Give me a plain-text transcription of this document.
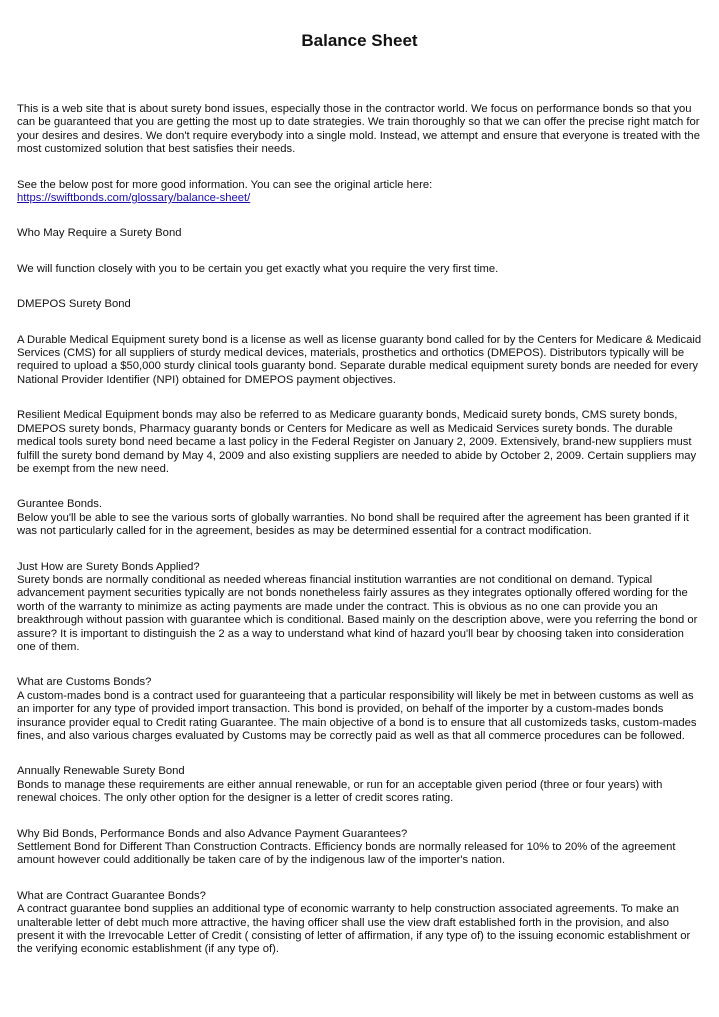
Balance Sheet

This is a web site that is about surety bond issues, especially those in the contractor world. We focus on performance bonds so that you can be guaranteed that you are getting the most up to date strategies. We train thoroughly so that we can offer the precise right match for your desires and desires. We don't require everybody into a single mold. Instead, we attempt and ensure that everyone is treated with the most customized solution that best satisfies their needs.

See the below post for more good information. You can see the original article here:

https://swiftbonds.com/glossary/balance-sheet/

Who May Require a Surety Bond

We will function closely with you to be certain you get exactly what you require the very first time.

DMEPOS Surety Bond

A Durable Medical Equipment surety bond is a license as well as license guaranty bond called for by the Centers for Medicare & Medicaid Services (CMS) for all suppliers of sturdy medical devices, materials, prosthetics and orthotics (DMEPOS). Distributors typically will be required to upload a $50,000 sturdy clinical tools guaranty bond. Separate durable medical equipment surety bonds are needed for every National Provider Identifier (NPI) obtained for DMEPOS payment objectives.

Resilient Medical Equipment bonds may also be referred to as Medicare guaranty bonds, Medicaid surety bonds, CMS surety bonds, DMEPOS surety bonds, Pharmacy guaranty bonds or Centers for Medicare as well as Medicaid Services surety bonds. The durable medical tools surety bond need became a last policy in the Federal Register on January 2, 2009. Extensively, brand-new suppliers must fulfill the surety bond demand by May 4, 2009 and also existing suppliers are needed to abide by October 2, 2009. Certain suppliers may be exempt from the new need.

Gurantee Bonds.

Below you'll be able to see the various sorts of globally warranties. No bond shall be required after the agreement has been granted if it was not particularly called for in the agreement, besides as may be determined essential for a contract modification.

Just How are Surety Bonds Applied?

Surety bonds are normally conditional as needed whereas financial institution warranties are not conditional on demand. Typical advancement payment securities typically are not bonds nonetheless fairly assures as they integrates optionally offered wording for the worth of the warranty to minimize as acting payments are made under the contract. This is obvious as no one can provide you an breakthrough without passion with guarantee which is conditional. Based mainly on the description above, were you referring the bond or assure? It is important to distinguish the 2 as a way to understand what kind of hazard you'll bear by choosing taken into consideration one of them.

What are Customs Bonds?

A custom-mades bond is a contract used for guaranteeing that a particular responsibility will likely be met in between customs as well as an importer for any type of provided import transaction. This bond is provided, on behalf of the importer by a custom-mades bonds insurance provider equal to Credit rating Guarantee. The main objective of a bond is to ensure that all customizeds tasks, custom-mades fines, and also various charges evaluated by Customs may be correctly paid as well as that all commerce procedures can be followed.

Annually Renewable Surety Bond

Bonds to manage these requirements are either annual renewable, or run for an acceptable given period (three or four years) with renewal choices. The only other option for the designer is a letter of credit scores rating.

Why Bid Bonds, Performance Bonds and also Advance Payment Guarantees?

Settlement Bond for Different Than Construction Contracts. Efficiency bonds are normally released for 10% to 20% of the agreement amount however could additionally be taken care of by the indigenous law of the importer's nation.

What are Contract Guarantee Bonds?

A contract guarantee bond supplies an additional type of economic warranty to help construction associated agreements. To make an unalterable letter of debt much more attractive, the having officer shall use the view draft established forth in the provision, and also present it with the Irrevocable Letter of Credit ( consisting of letter of affirmation, if any type of) to the issuing economic establishment or the verifying economic establishment (if any type of).
